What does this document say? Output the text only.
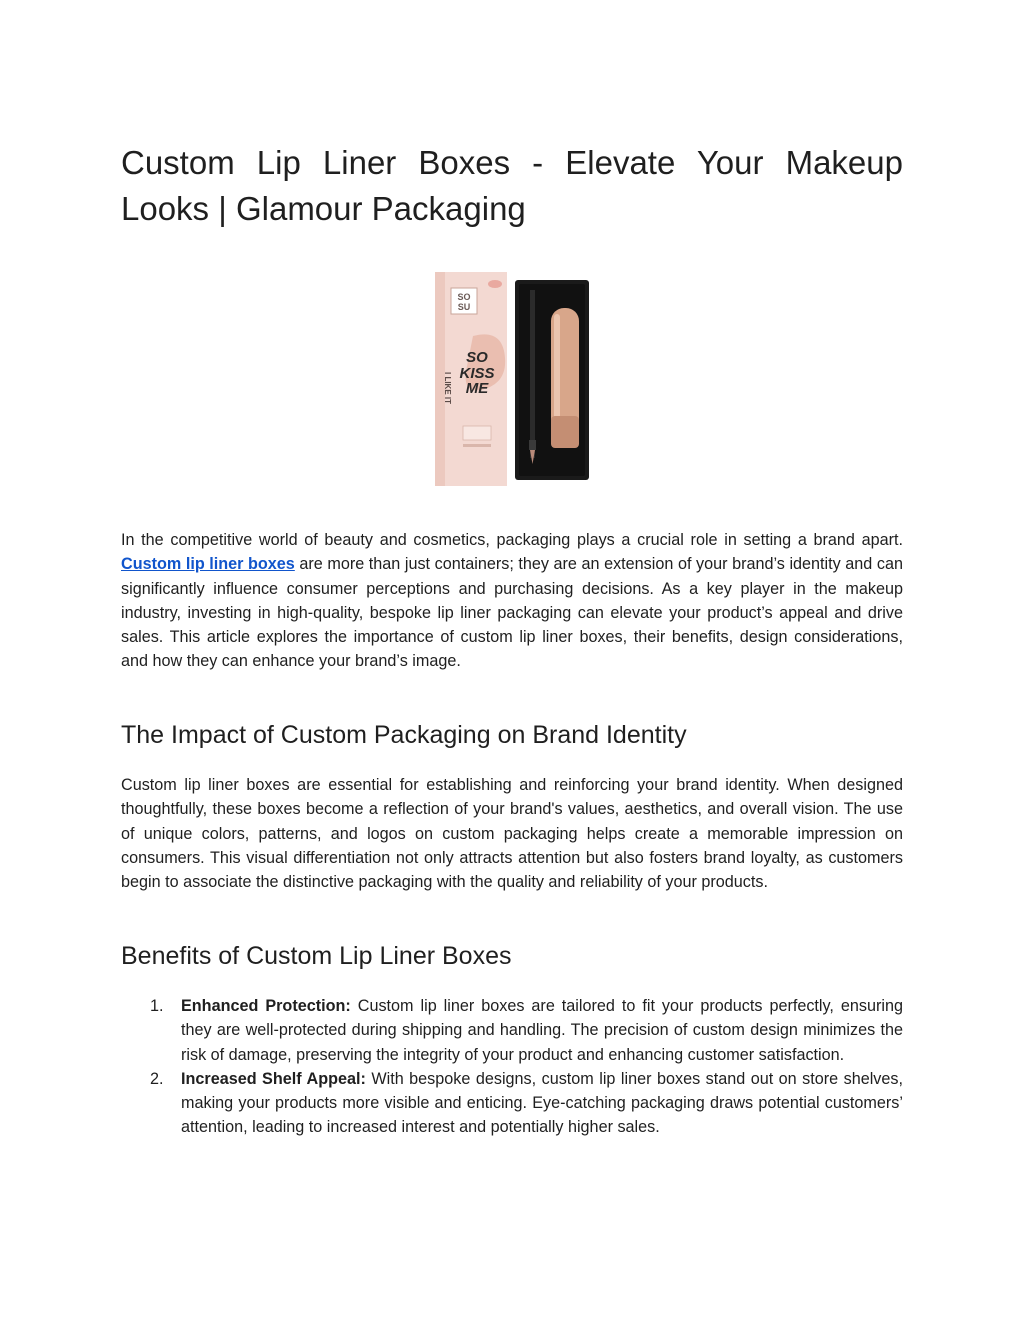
Custom Lip Liner Boxes - Elevate Your Makeup Looks | Glamour Packaging
SO
SU
SO
KISS
ME
I LIKE IT

In the competitive world of beauty and cosmetics, packaging plays a crucial role in setting a brand apart. Custom lip liner boxes are more than just containers; they are an extension of your brand’s identity and can significantly influence consumer perceptions and purchasing decisions. As a key player in the makeup industry, investing in high-quality, bespoke lip liner packaging can elevate your product’s appeal and drive sales. This article explores the importance of custom lip liner boxes, their benefits, design considerations, and how they can enhance your brand’s image.

The Impact of Custom Packaging on Brand Identity

Custom lip liner boxes are essential for establishing and reinforcing your brand identity. When designed thoughtfully, these boxes become a reflection of your brand's values, aesthetics, and overall vision. The use of unique colors, patterns, and logos on custom packaging helps create a memorable impression on consumers. This visual differentiation not only attracts attention but also fosters brand loyalty, as customers begin to associate the distinctive packaging with the quality and reliability of your products.

Benefits of Custom Lip Liner Boxes
1. Enhanced Protection: Custom lip liner boxes are tailored to fit your products perfectly, ensuring they are well-protected during shipping and handling. The precision of custom design minimizes the risk of damage, preserving the integrity of your product and enhancing customer satisfaction.
2. Increased Shelf Appeal: With bespoke designs, custom lip liner boxes stand out on store shelves, making your products more visible and enticing. Eye-catching packaging draws potential customers’ attention, leading to increased interest and potentially higher sales.
